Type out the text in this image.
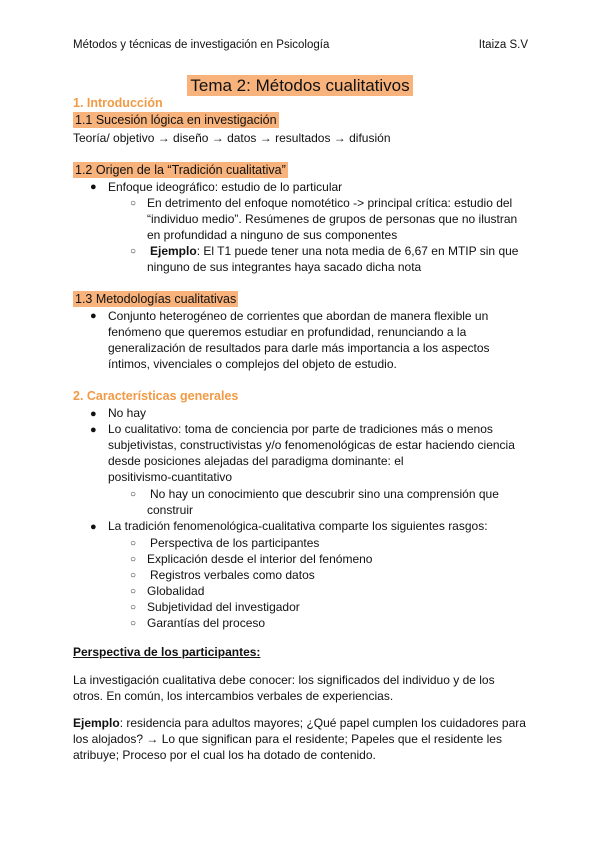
Métodos y técnicas de investigación en Psicología	Itaiza S.V
Tema 2: Métodos cualitativos
1. Introducción
1.1 Sucesión lógica en investigación
Teoría/ objetivo → diseño → datos → resultados → difusión
1.2 Origen de la “Tradición cualitativa”
● Enfoque ideográfico: estudio de lo particular
○ En detrimento del enfoque nomotético -> principal crítica: estudio del
“individuo medio”. Resúmenes de grupos de personas que no ilustran
en profundidad a ninguno de sus componentes
○ Ejemplo: El T1 puede tener una nota media de 6,67 en MTIP sin que
ninguno de sus integrantes haya sacado dicha nota
1.3 Metodologías cualitativas
● Conjunto heterogéneo de corrientes que abordan de manera flexible un
fenómeno que queremos estudiar en profundidad, renunciando a la
generalización de resultados para darle más importancia a los aspectos
íntimos, vivenciales o complejos del objeto de estudio.
2. Características generales
● No hay
● Lo cualitativo: toma de conciencia por parte de tradiciones más o menos
subjetivistas, constructivistas y/o fenomenológicas de estar haciendo ciencia
desde posiciones alejadas del paradigma dominante: el
positivismo-cuantitativo
○ No hay un conocimiento que descubrir sino una comprensión que
construir
● La tradición fenomenológica-cualitativa comparte los siguientes rasgos:
○ Perspectiva de los participantes
○ Explicación desde el interior del fenómeno
○ Registros verbales como datos
○ Globalidad
○ Subjetividad del investigador
○ Garantías del proceso
Perspectiva de los participantes:
La investigación cualitativa debe conocer: los significados del individuo y de los
otros. En común, los intercambios verbales de experiencias.
Ejemplo: residencia para adultos mayores; ¿Qué papel cumplen los cuidadores para
los alojados? → Lo que significan para el residente; Papeles que el residente les
atribuye; Proceso por el cual los ha dotado de contenido.
